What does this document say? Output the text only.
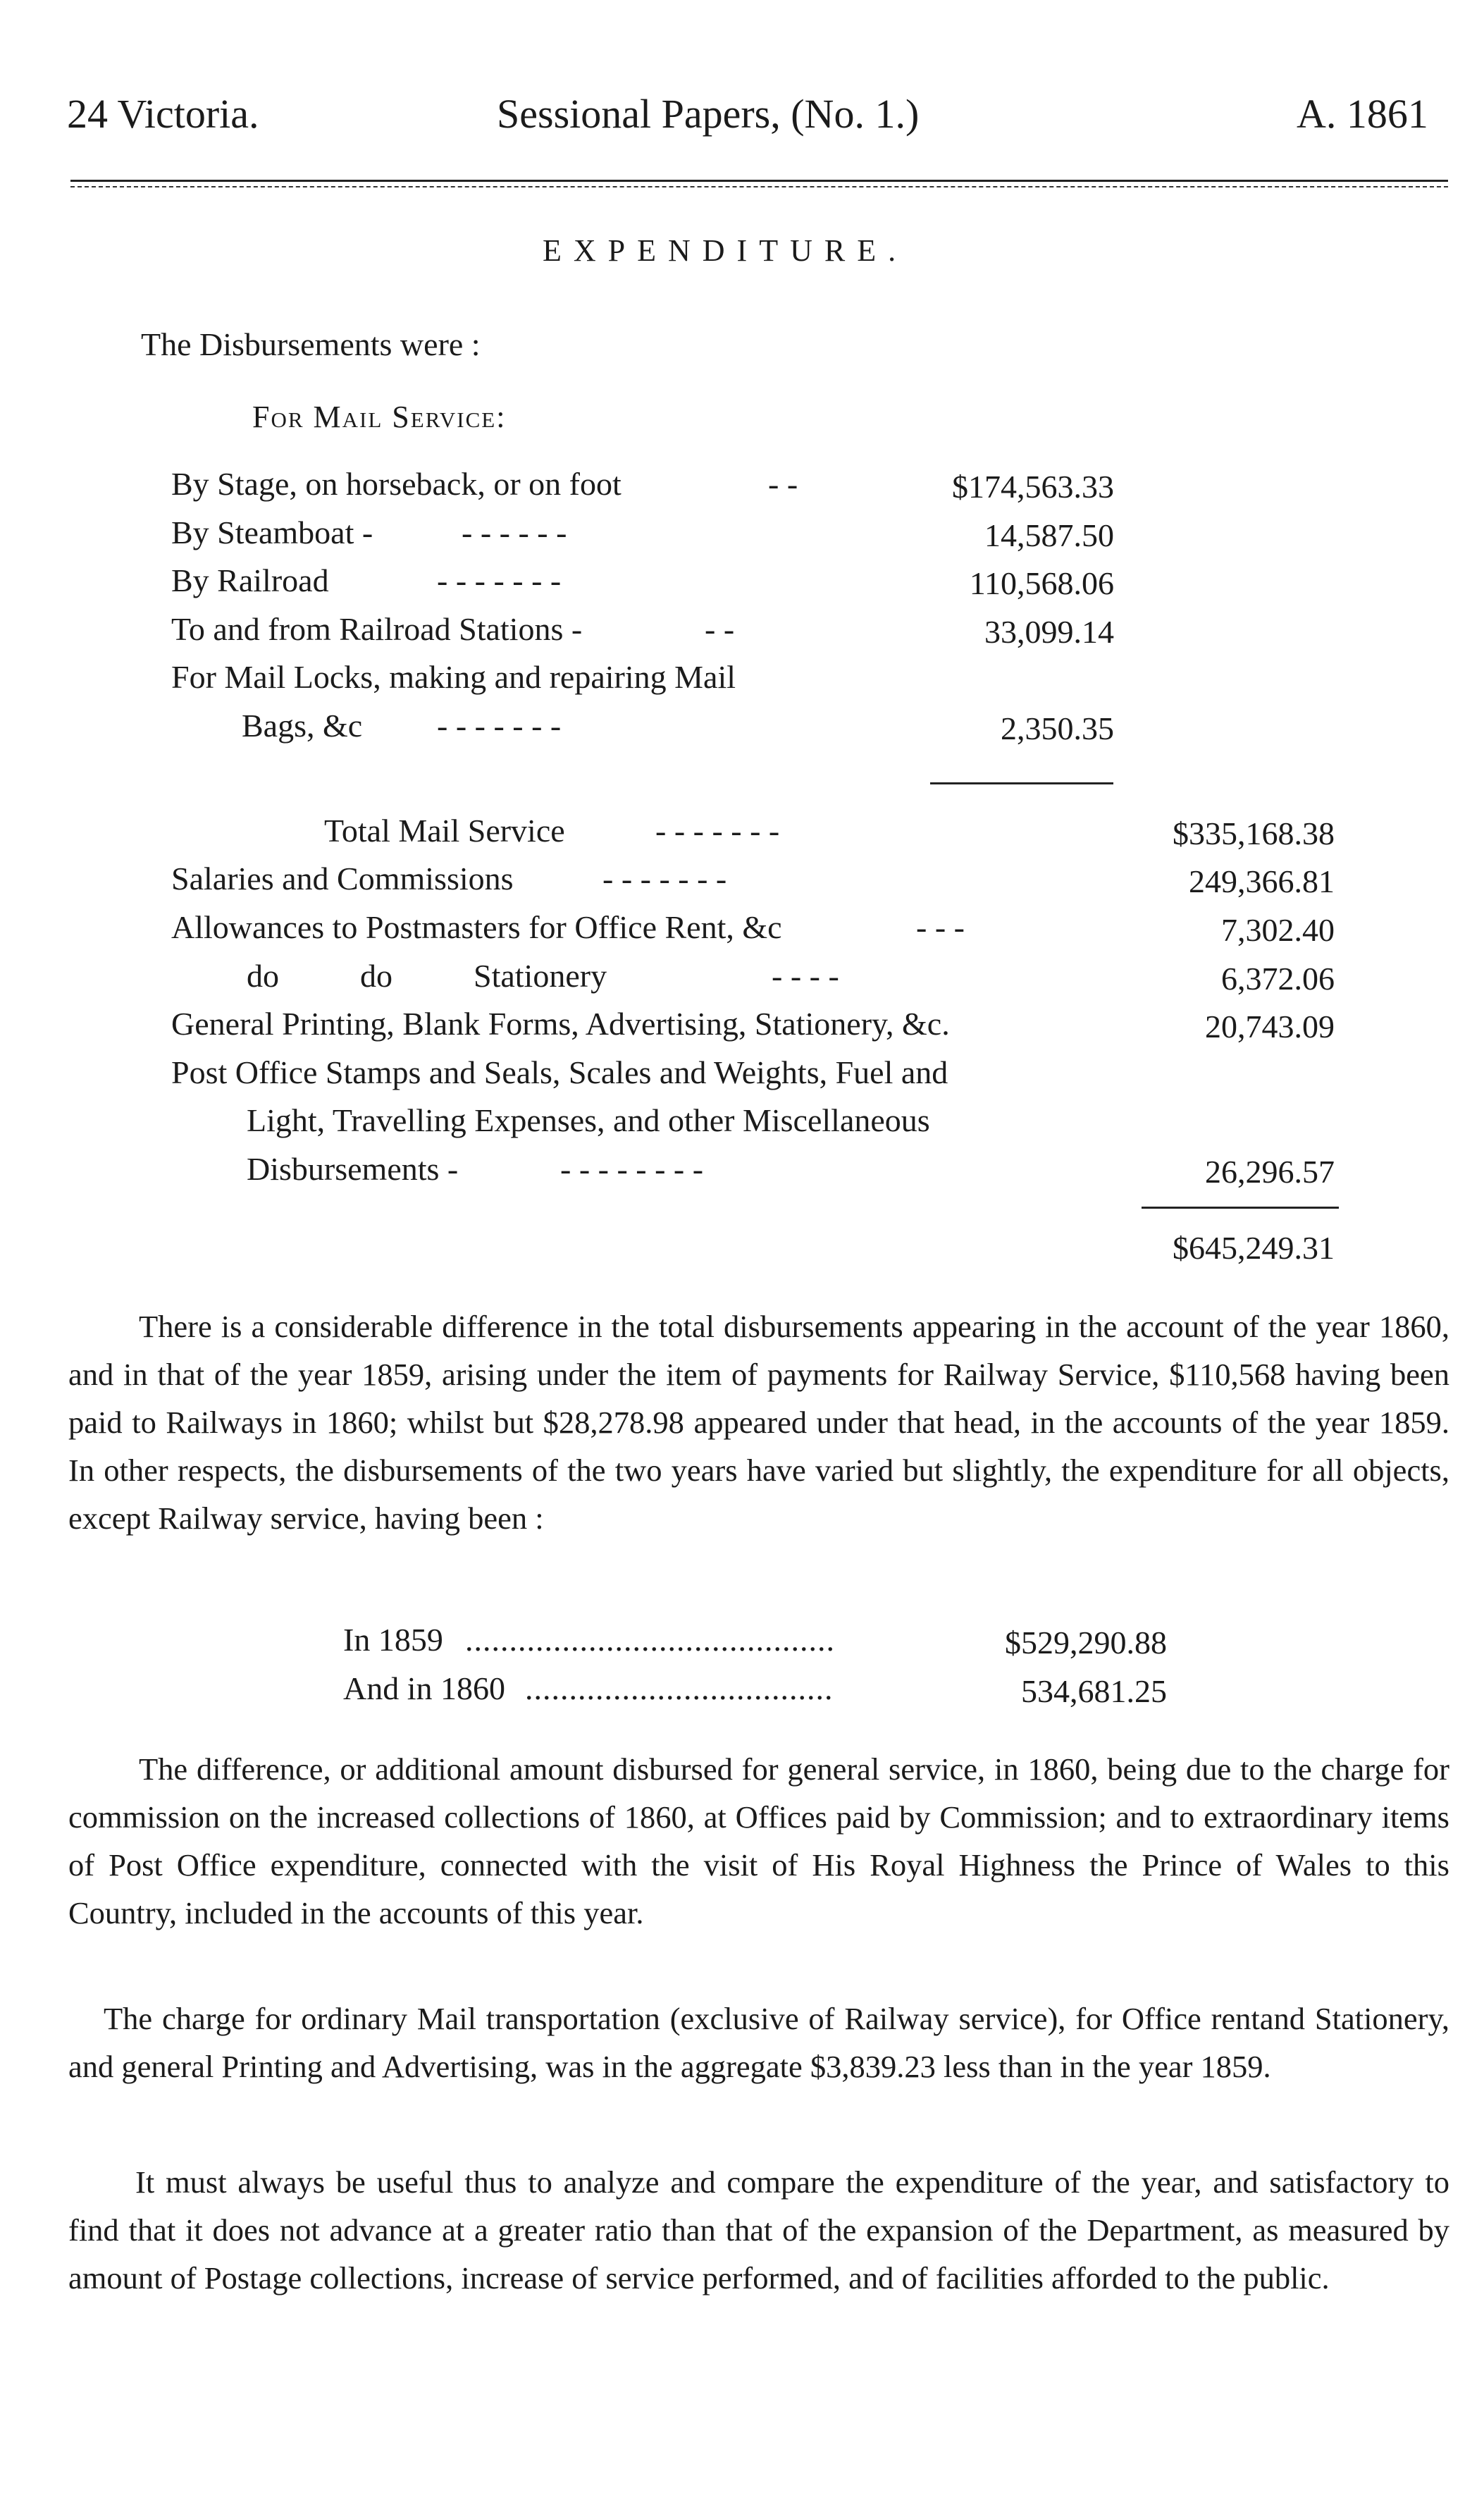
24 Victoria.	Sessional Papers, (No. 1.)	A. 1861
EXPENDITURE.
The Disbursements were :
For Mail Service:
By Stage, on horseback, or on foot	- -	$174,563.33
By Steamboat -	- - - - - -	14,587.50
By Railroad	- - - - - - -	110,568.06
To and from Railroad Stations -	- -	33,099.14
For Mail Locks, making and repairing Mail
Bags, &c - - - - - - -	2,350.35
Total Mail Service	- - - - - - -	$335,168.38
Salaries and Commissions	- - - - - - -	249,366.81
Allowances to Postmasters for Office Rent, &c	- - -	7,302.40
do          do          Stationery	- - - -	6,372.06
General Printing, Blank Forms, Advertising, Stationery, &c.	20,743.09
Post Office Stamps and Seals, Scales and Weights, Fuel and
Light, Travelling Expenses, and other Miscellaneous
Disbursements -	- - - - - - - -	26,296.57
$645,249.31

There is a considerable difference in the total disbursements appearing in the account of the year 1860, and in that of the year 1859, arising under the item of payments for Railway Service, $110,568 having been paid to Railways in 1860; whilst but $28,278.98 appeared under that head, in the accounts of the year 1859. In other respects, the disbursements of the two years have varied but slightly, the expenditure for all objects, except Railway service, having been :

In 1859 ..........................................	$529,290.88
And in 1860 ...................................	534,681.25

The difference, or additional amount disbursed for general service, in 1860, being due to the charge for commission on the increased collections of 1860, at Offices paid by Commission; and to extraordinary items of Post Office expenditure, connected with the visit of His Royal Highness the Prince of Wales to this Country, included in the accounts of this year.

The charge for ordinary Mail transportation (exclusive of Railway service), for Office rentand Stationery, and general Printing and Advertising, was in the aggregate $3,839.23 less than in the year 1859.

It must always be useful thus to analyze and compare the expenditure of the year, and satisfactory to find that it does not advance at a greater ratio than that of the expansion of the Department, as measured by amount of Postage collections, increase of service performed, and of facilities afforded to the public.
